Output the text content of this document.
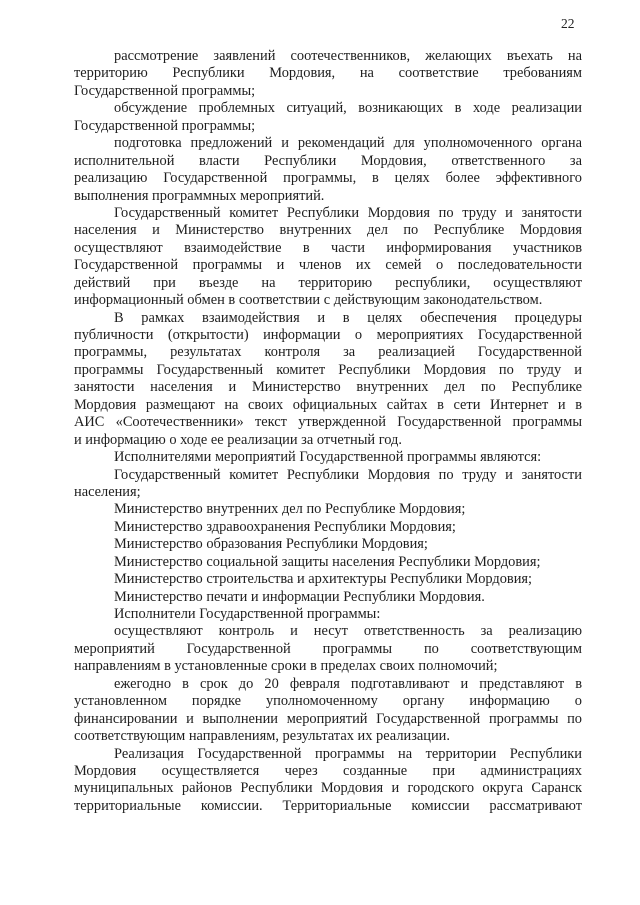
22
рассмотрение заявлений соотечественников, желающих въехать на
территорию Республики Мордовия, на соответствие требованиям
Государственной программы;
обсуждение проблемных ситуаций, возникающих в ходе реализации
Государственной программы;
подготовка предложений и рекомендаций для уполномоченного органа
исполнительной власти Республики Мордовия, ответственного за
реализацию Государственной программы, в целях более эффективного
выполнения программных мероприятий.
Государственный комитет Республики Мордовия по труду и занятости
населения и Министерство внутренних дел по Республике Мордовия
осуществляют взаимодействие в части информирования участников
Государственной программы и членов их семей о последовательности
действий при въезде на территорию республики, осуществляют
информационный обмен в соответствии с действующим законодательством.
В рамках взаимодействия и в целях обеспечения процедуры
публичности (открытости) информации о мероприятиях Государственной
программы, результатах контроля за реализацией Государственной
программы Государственный комитет Республики Мордовия по труду и
занятости населения и Министерство внутренних дел по Республике
Мордовия размещают на своих официальных сайтах в сети Интернет и в
АИС «Соотечественники» текст утвержденной Государственной программы
и информацию о ходе ее реализации за отчетный год.
Исполнителями мероприятий Государственной программы являются:
Государственный комитет Республики Мордовия по труду и занятости
населения;
Министерство внутренних дел по Республике Мордовия;
Министерство здравоохранения Республики Мордовия;
Министерство образования Республики Мордовия;
Министерство социальной защиты населения Республики Мордовия;
Министерство строительства и архитектуры Республики Мордовия;
Министерство печати и информации Республики Мордовия.
Исполнители Государственной программы:
осуществляют контроль и несут ответственность за реализацию
мероприятий Государственной программы по соответствующим
направлениям в установленные сроки в пределах своих полномочий;
ежегодно в срок до 20 февраля подготавливают и представляют в
установленном порядке уполномоченному органу информацию о
финансировании и выполнении мероприятий Государственной программы по
соответствующим направлениям, результатах их реализации.
Реализация Государственной программы на территории Республики
Мордовия осуществляется через созданные при администрациях
муниципальных районов Республики Мордовия и городского округа Саранск
территориальные комиссии. Территориальные комиссии рассматривают
